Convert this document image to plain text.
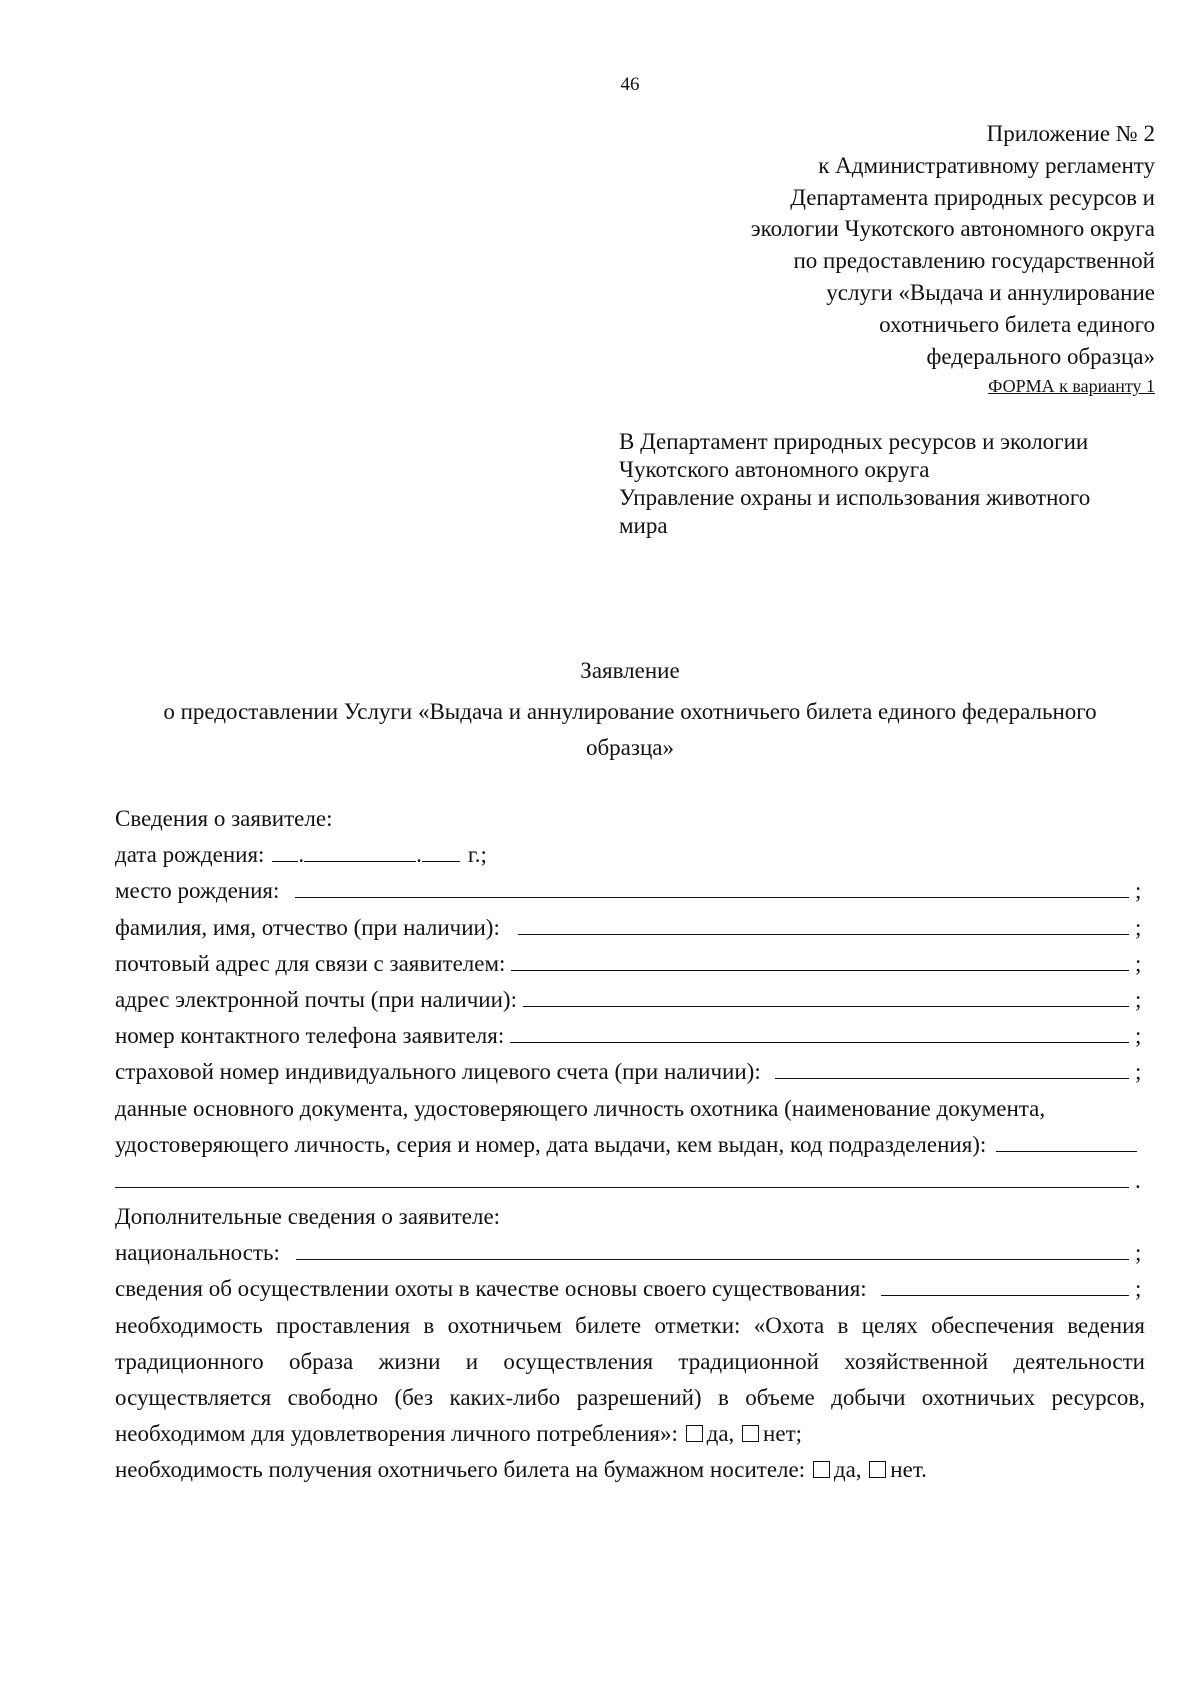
46
Приложение № 2
к Административному регламенту
Департамента природных ресурсов и
экологии Чукотского автономного округа
по предоставлению государственной
услуги «Выдача и аннулирование
охотничьего билета единого
федерального образца»
ФОРМА к варианту 1
В Департамент природных ресурсов и экологии
Чукотского автономного округа
Управление охраны и использования животного
мира
Заявление
о предоставлении Услуги «Выдача и аннулирование охотничьего билета единого федерального образца»
Сведения о заявителе:
дата рождения: .	. г.;
место рождения:	;
фамилия, имя, отчество (при наличии):	;
почтовый адрес для связи с заявителем:	;
адрес электронной почты (при наличии):	;
номер контактного телефона заявителя:	;
страховой номер индивидуального лицевого счета (при наличии):	;
данные основного документа, удостоверяющего личность охотника (наименование документа,
удостоверяющего личность, серия и номер, дата выдачи, кем выдан, код подразделения):
.
Дополнительные сведения о заявителе:
национальность:	;
сведения об осуществлении охоты в качестве основы своего существования:	;
необходимость проставления в охотничьем билете отметки: «Охота в целях обеспечения ведения традиционного образа жизни и осуществления традиционной хозяйственной деятельности осуществляется свободно (без каких-либо разрешений) в объеме добычи охотничьих ресурсов, необходимом для удовлетворения личного потребления»: да, нет;
необходимость получения охотничьего билета на бумажном носителе: да, нет.
